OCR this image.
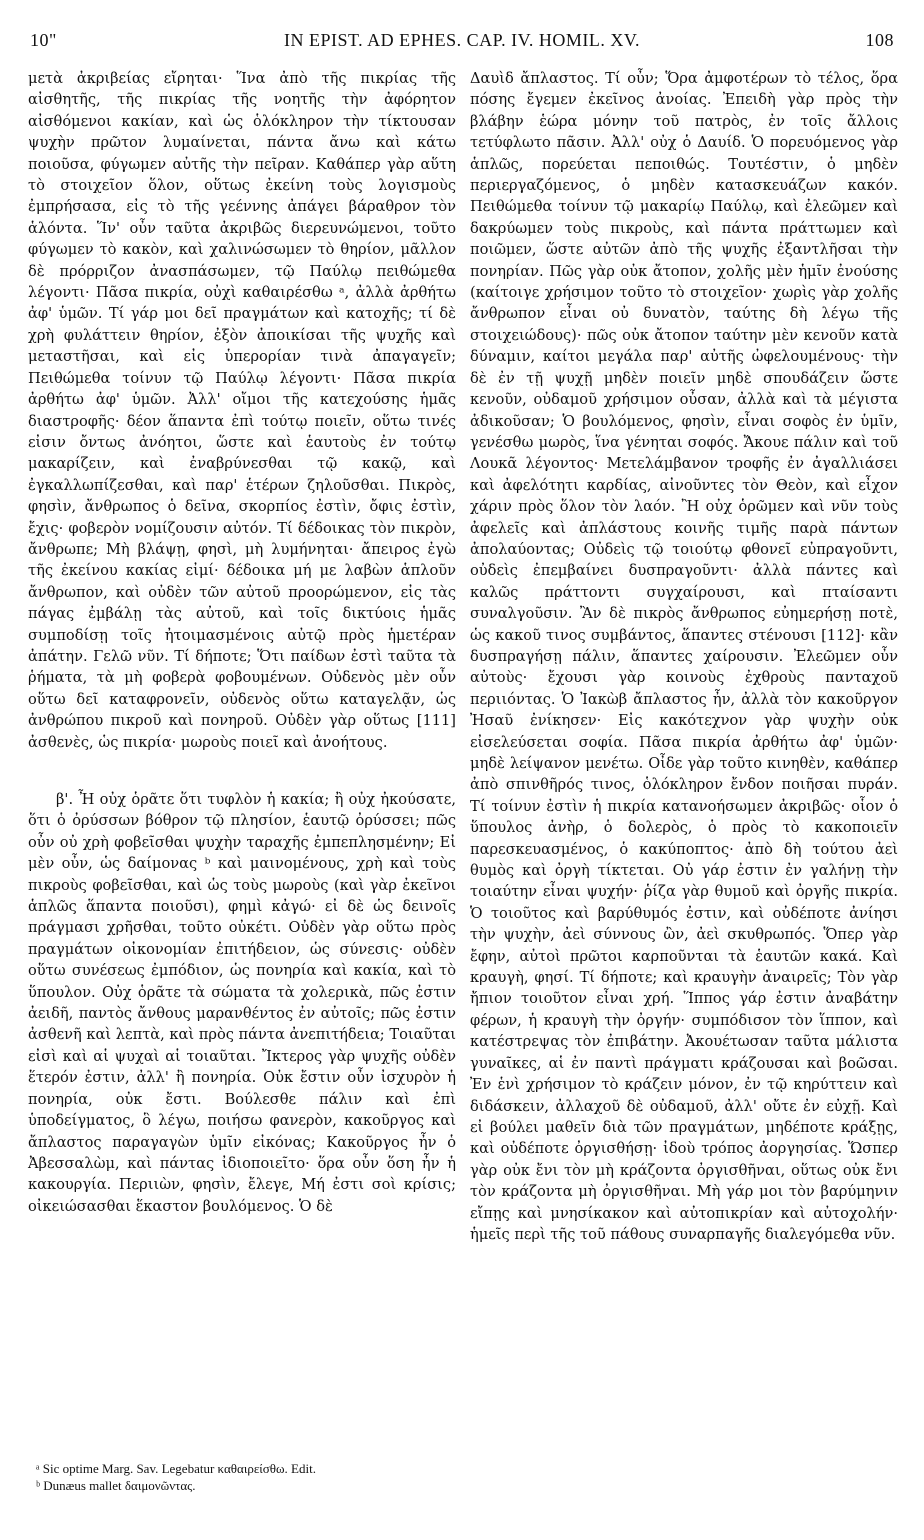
10"	IN EPIST. AD EPHES. CAP. IV. HOMIL. XV.	108

μετὰ ἀκριβείας εἴρηται· Ἵνα ἀπὸ τῆς πικρίας τῆς αἰσθητῆς, τῆς πικρίας τῆς νοητῆς τὴν ἀφόρητον αἰσθόμενοι κακίαν, καὶ ὡς ὁλόκληρον τὴν τίκτουσαν ψυχὴν πρῶτον λυμαίνεται, πάντα ἄνω καὶ κάτω ποιοῦσα, φύγωμεν αὐτῆς τὴν πεῖραν. Καθάπερ γὰρ αὕτη τὸ στοιχεῖον ὅλον, οὕτως ἐκείνη τοὺς λογισμοὺς ἐμπρήσασα, εἰς τὸ τῆς γεέννης ἀπάγει βάραθρον τὸν ἁλόντα. Ἵν' οὖν ταῦτα ἀκριβῶς διερευνώμενοι, τοῦτο φύγωμεν τὸ κακὸν, καὶ χαλινώσωμεν τὸ θηρίον, μᾶλλον δὲ πρόρριζον ἀνασπάσωμεν, τῷ Παύλῳ πειθώμεθα λέγοντι· Πᾶσα πικρία, οὐχὶ καθαιρέσθω ᵃ, ἀλλὰ ἀρθήτω ἀφ' ὑμῶν. Τί γάρ μοι δεῖ πραγμάτων καὶ κατοχῆς; τί δὲ χρὴ φυλάττειν θηρίον, ἐξὸν ἀποικίσαι τῆς ψυχῆς καὶ μεταστῆσαι, καὶ εἰς ὑπερορίαν τινὰ ἀπαγαγεῖν; Πειθώμεθα τοίνυν τῷ Παύλῳ λέγοντι· Πᾶσα πικρία ἀρθήτω ἀφ' ὑμῶν. Ἀλλ' οἴμοι τῆς κατεχούσης ἡμᾶς διαστροφῆς· δέον ἅπαντα ἐπὶ τούτῳ ποιεῖν, οὕτω τινές εἰσιν ὄντως ἀνόητοι, ὥστε καὶ ἑαυτοὺς ἐν τούτῳ μακαρίζειν, καὶ ἐναβρύνεσθαι τῷ κακῷ, καὶ ἐγκαλλωπίζεσθαι, καὶ παρ' ἑτέρων ζηλοῦσθαι. Πικρὸς, φησὶν, ἄνθρωπος ὁ δεῖνα, σκορπίος ἐστὶν, ὄφις ἐστὶν, ἔχις· φοβερὸν νομίζουσιν αὐτόν. Τί δέδοικας τὸν πικρὸν, ἄνθρωπε; Μὴ βλάψῃ, φησὶ, μὴ λυμήνηται· ἄπειρος ἐγὼ τῆς ἐκείνου κακίας εἰμί· δέδοικα μή με λαβὼν ἁπλοῦν ἄνθρωπον, καὶ οὐδὲν τῶν αὐτοῦ προορώμενον, εἰς τὰς πάγας ἐμβάλῃ τὰς αὐτοῦ, καὶ τοῖς δικτύοις ἡμᾶς συμποδίσῃ τοῖς ἠτοιμασμένοις αὐτῷ πρὸς ἡμετέραν ἀπάτην. Γελῶ νῦν. Τί δήποτε; Ὅτι παίδων ἐστὶ ταῦτα τὰ ῥήματα, τὰ μὴ φοβερὰ φοβουμένων. Οὐδενὸς μὲν οὖν οὕτω δεῖ καταφρονεῖν, οὐδενὸς οὕτω καταγελᾷν, ὡς ἀνθρώπου πικροῦ καὶ πονηροῦ. Οὐδὲν γὰρ οὕτως [111] ἀσθενὲς, ὡς πικρία· μωροὺς ποιεῖ καὶ ἀνοήτους.

β'. Ἦ οὐχ ὁρᾶτε ὅτι τυφλὸν ἡ κακία; ἢ οὐχ ἠκούσατε, ὅτι ὁ ὀρύσσων βόθρον τῷ πλησίον, ἑαυτῷ ὀρύσσει; πῶς οὖν οὐ χρὴ φοβεῖσθαι ψυχὴν ταραχῆς ἐμπεπλησμένην; Εἰ μὲν οὖν, ὡς δαίμονας ᵇ καὶ μαινομένους, χρὴ καὶ τοὺς πικροὺς φοβεῖσθαι, καὶ ὡς τοὺς μωροὺς (καὶ γὰρ ἐκεῖνοι ἁπλῶς ἅπαντα ποιοῦσι), φημὶ κἀγώ· εἰ δὲ ὡς δεινοῖς πράγμασι χρῆσθαι, τοῦτο οὐκέτι. Οὐδὲν γὰρ οὕτω πρὸς πραγμάτων οἰκονομίαν ἐπιτήδειον, ὡς σύνεσις· οὐδὲν οὕτω συνέσεως ἐμπόδιον, ὡς πονηρία καὶ κακία, καὶ τὸ ὕπουλον. Οὐχ ὁρᾶτε τὰ σώματα τὰ χολερικὰ, πῶς ἐστιν ἀειδῆ, παντὸς ἄνθους μαρανθέντος ἐν αὐτοῖς; πῶς ἐστιν ἀσθενῆ καὶ λεπτὰ, καὶ πρὸς πάντα ἀνεπιτήδεια; Τοιαῦται εἰσὶ καὶ αἱ ψυχαὶ αἱ τοιαῦται. Ἴκτερος γὰρ ψυχῆς οὐδὲν ἕτερόν ἐστιν, ἀλλ' ἢ πονηρία. Οὐκ ἔστιν οὖν ἰσχυρὸν ἡ πονηρία, οὐκ ἔστι. Βούλεσθε πάλιν καὶ ἐπὶ ὑποδείγματος, ὃ λέγω, ποιήσω φανερὸν, κακοῦργος καὶ ἄπλαστος παραγαγὼν ὑμῖν εἰκόνας; Κακοῦργος ἦν ὁ Ἀβεσσαλὼμ, καὶ πάντας ἰδιοποιεῖτο· ὅρα οὖν ὅση ἦν ἡ κακουργία. Περιιὼν, φησὶν, ἔλεγε, Μή ἐστι σοὶ κρίσις; οἰκειώσασθαι ἕκαστον βουλόμενος. Ὁ δὲ

Δαυὶδ ἄπλαστος. Τί οὖν; Ὅρα ἀμφοτέρων τὸ τέλος, ὅρα πόσης ἔγεμεν ἐκεῖνος ἀνοίας. Ἐπειδὴ γὰρ πρὸς τὴν βλάβην ἑώρα μόνην τοῦ πατρὸς, ἐν τοῖς ἄλλοις τετύφλωτο πᾶσιν. Ἀλλ' οὐχ ὁ Δαυίδ. Ὁ πορευόμενος γὰρ ἁπλῶς, πορεύεται πεποιθώς. Τουτέστιν, ὁ μηδὲν περιεργαζόμενος, ὁ μηδὲν κατασκευάζων κακόν. Πειθώμεθα τοίνυν τῷ μακαρίῳ Παύλῳ, καὶ ἐλεῶμεν καὶ δακρύωμεν τοὺς πικροὺς, καὶ πάντα πράττωμεν καὶ ποιῶμεν, ὥστε αὐτῶν ἀπὸ τῆς ψυχῆς ἐξαντλῆσαι τὴν πονηρίαν. Πῶς γὰρ οὐκ ἄτοπον, χολῆς μὲν ἡμῖν ἐνούσης (καίτοιγε χρήσιμον τοῦτο τὸ στοιχεῖον· χωρὶς γὰρ χολῆς ἄνθρωπον εἶναι οὐ δυνατὸν, ταύτης δὴ λέγω τῆς στοιχειώδους)· πῶς οὐκ ἄτοπον ταύτην μὲν κενοῦν κατὰ δύναμιν, καίτοι μεγάλα παρ' αὐτῆς ὠφελουμένους· τὴν δὲ ἐν τῇ ψυχῇ μηδὲν ποιεῖν μηδὲ σπουδάζειν ὥστε κενοῦν, οὐδαμοῦ χρήσιμον οὖσαν, ἀλλὰ καὶ τὰ μέγιστα ἀδικοῦσαν; Ὁ βουλόμενος, φησὶν, εἶναι σοφὸς ἐν ὑμῖν, γενέσθω μωρὸς, ἵνα γένηται σοφός. Ἄκουε πάλιν καὶ τοῦ Λουκᾶ λέγοντος· Μετελάμβανον τροφῆς ἐν ἀγαλλιάσει καὶ ἀφελότητι καρδίας, αἰνοῦντες τὸν Θεὸν, καὶ εἶχον χάριν πρὸς ὅλον τὸν λαόν. Ἢ οὐχ ὁρῶμεν καὶ νῦν τοὺς ἀφελεῖς καὶ ἀπλάστους κοινῆς τιμῆς παρὰ πάντων ἀπολαύοντας; Οὐδεὶς τῷ τοιούτῳ φθονεῖ εὐπραγοῦντι, οὐδεὶς ἐπεμβαίνει δυσπραγοῦντι· ἀλλὰ πάντες καὶ καλῶς πράττοντι συγχαίρουσι, καὶ πταίσαντι συναλγοῦσιν. Ἂν δὲ πικρὸς ἄνθρωπος εὐημερήσῃ ποτὲ, ὡς κακοῦ τινος συμβάντος, ἅπαντες στένουσι [112]· κἂν δυσπραγήσῃ πάλιν, ἅπαντες χαίρουσιν. Ἐλεῶμεν οὖν αὐτοὺς· ἔχουσι γὰρ κοινοὺς ἐχθροὺς πανταχοῦ περιιόντας. Ὁ Ἰακὼβ ἄπλαστος ἦν, ἀλλὰ τὸν κακοῦργον Ἠσαῦ ἐνίκησεν· Εἰς κακότεχνον γὰρ ψυχὴν οὐκ εἰσελεύσεται σοφία. Πᾶσα πικρία ἀρθήτω ἀφ' ὑμῶν· μηδὲ λείψανον μενέτω. Οἶδε γὰρ τοῦτο κινηθὲν, καθάπερ ἀπὸ σπινθῆρός τινος, ὁλόκληρον ἔνδον ποιῆσαι πυράν. Τί τοίνυν ἐστὶν ἡ πικρία κατανοήσωμεν ἀκριβῶς· οἷον ὁ ὕπουλος ἀνὴρ, ὁ δολερὸς, ὁ πρὸς τὸ κακοποιεῖν παρεσκευασμένος, ὁ κακύποπτος· ἀπὸ δὴ τούτου ἀεὶ θυμὸς καὶ ὀργὴ τίκτεται. Οὐ γάρ ἐστιν ἐν γαλήνῃ τὴν τοιαύτην εἶναι ψυχήν· ῥίζα γὰρ θυμοῦ καὶ ὀργῆς πικρία. Ὁ τοιοῦτος καὶ βαρύθυμός ἐστιν, καὶ οὐδέποτε ἀνίησι τὴν ψυχὴν, ἀεὶ σύννους ὢν, ἀεὶ σκυθρωπός. Ὅπερ γὰρ ἔφην, αὐτοὶ πρῶτοι καρποῦνται τὰ ἑαυτῶν κακά. Καὶ κραυγὴ, φησί. Τί δήποτε; καὶ κραυγὴν ἀναιρεῖς; Τὸν γὰρ ἤπιον τοιοῦτον εἶναι χρή. Ἵππος γάρ ἐστιν ἀναβάτην φέρων, ἡ κραυγὴ τὴν ὀργήν· συμπόδισον τὸν ἵππον, καὶ κατέστρεψας τὸν ἐπιβάτην. Ἀκουέτωσαν ταῦτα μάλιστα γυναῖκες, αἱ ἐν παντὶ πράγματι κράζουσαι καὶ βοῶσαι. Ἐν ἑνὶ χρήσιμον τὸ κράζειν μόνον, ἐν τῷ κηρύττειν καὶ διδάσκειν, ἀλλαχοῦ δὲ οὐδαμοῦ, ἀλλ' οὔτε ἐν εὐχῇ. Καὶ εἰ βούλει μαθεῖν διὰ τῶν πραγμάτων, μηδέποτε κράξῃς, καὶ οὐδέποτε ὀργισθήσῃ· ἰδοὺ τρόπος ἀοργησίας. Ὥσπερ γὰρ οὐκ ἔνι τὸν μὴ κράζοντα ὀργισθῆναι, οὕτως οὐκ ἔνι τὸν κράζοντα μὴ ὀργισθῆναι. Μὴ γάρ μοι τὸν βαρύμηνιν εἴπῃς καὶ μνησίκακον καὶ αὐτοπικρίαν καὶ αὐτοχολήν· ἡμεῖς περὶ τῆς τοῦ πάθους συναρπαγῆς διαλεγόμεθα νῦν.

ᵃ Sic optime Marg. Sav. Legebatur καθαιρείσθω. Edit.
ᵇ Dunæus mallet δαιμονῶντας.
